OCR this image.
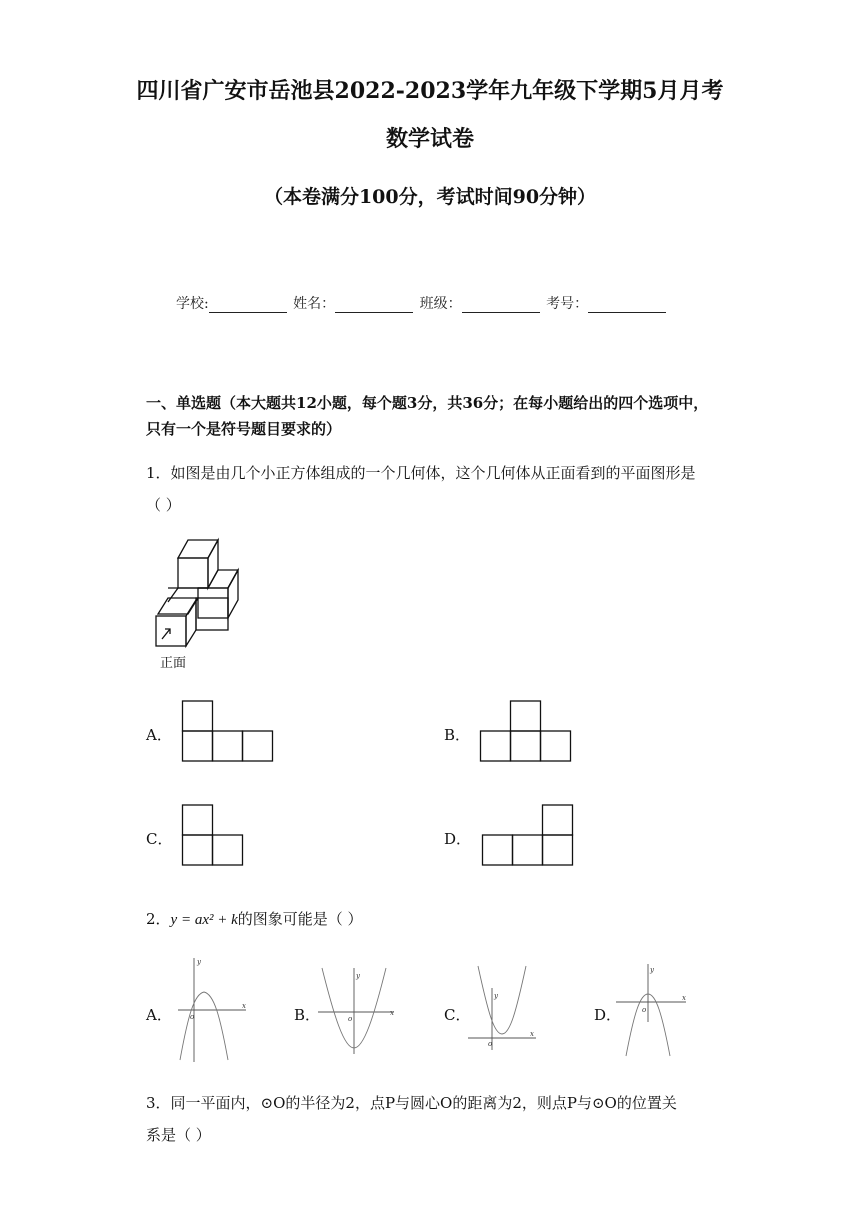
四川省广安市岳池县2022-2023学年九年级下学期5月月考
数学试卷
（本卷满分100分，考试时间90分钟）
学校:	姓名：	班级：	考号：
一、单选题（本大题共12小题，每个题3分，共36分；在每小题给出的四个选项中，
只有一个是符号题目要求的）
1．如图是由几个小正方体组成的一个几何体，这个几何体从正面看到的平面图形是
（ ）
正面
A．	B．
C．	D．
2．y = ax² + k的图象可能是（ ）
A．
y
x
o	B．
y
x
o	C．
y
x
o
D．
y
x
o
3．同一平面内，⊙O的半径为2，点P与圆心O的距离为2，则点P与⊙O的位置关
系是（ ）
